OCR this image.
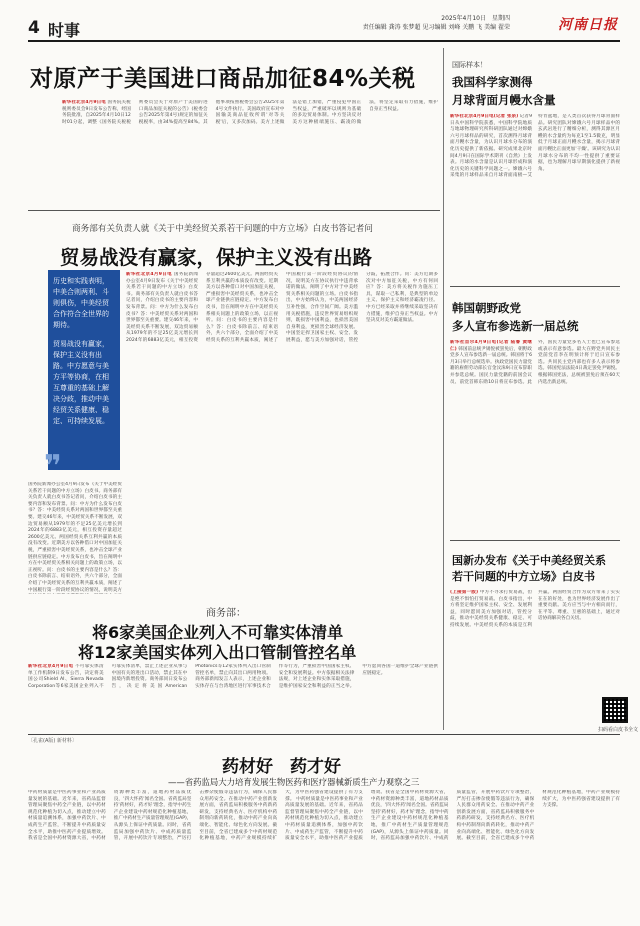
4 时事
2025年4月10日　星期四
责任编辑 龚涛 张梦超 见习编辑 刘峰 关鹏 飞 美编 翟荣	河南日报
对原产于美国进口商品加征84%关税
新华社北京4月9日电 国务院关税税则委员会9日发布公告称，经国务院批准，自2025年4月10日12时01分起，调整《国务院关税税则委员会关于对原产于美国的进口商品加征关税的公告》(税委会公告2025年第4号)规定的加征关税税率，由34%提高至84%。其他事项按照税委会公告2025年第4号文件执行。美国政府宣布对中国输美商品征收所谓'对等关税'后，又多次加码。美方上述做法是错上加错，严重侵犯中国正当权益，严重破坏以规则为基础的多边贸易体制。中方坚决反对美方这种极端施压、霸凌的做法，将坚定采取有力措施，维护自身正当权益。
商务部有关负责人就《关于中美经贸关系若干问题的中方立场》白皮书答记者问
贸易战没有赢家，保护主义没有出路

历史和实践表明，中美合则两利、斗则俱伤，中美经贸合作符合全世界的期待。

贸易战没有赢家，保护主义没有出路。中方愿意与美方平等协商，在相互尊重的基础上解决分歧，推动中美经贸关系健康、稳定、可持续发展。

❞
新华社北京4月9日电 国务院新闻办公室4月9日发布《关于中美经贸关系若干问题的中方立场》白皮书。商务部有关负责人就白皮书答记者问，介绍白皮书的主要内容和发布背景。问：中方为什么发布白皮书？答：中美经贸关系对两国和世界都至关重要。建交46年来，中美经贸关系不断发展，双边贸易额从1979年的不足25亿美元增长到2024年的6883亿美元，相互投资存量超过2600亿美元。两国经贸关系互利共赢的本质没有改变。近期美方以各种借口对中国加征关税，严重损害中美经贸关系，也冲击全球产业链供应链稳定。中方发布白皮书，旨在阐明中方在中美经贸关系相关问题上的政策立场，以正视听。问：白皮书的主要内容是什么？答：白皮书除前言、结束语外，共六个部分，全面介绍了中美经贸关系的互利共赢本质，阐述了中国履行第一阶段经贸协议的情况，说明美方在协议执行中违背承诺的做法，阐明了中方对于中美经贸关系相关问题的立场。白皮书指出，中方始终认为，中美两国经济互补性强，合作空间广阔。美方滥用关税措施，违反世界贸易组织规则，既损害中国利益，也损害美国自身利益，更损害全球经济发展。中国坚定捍卫国家主权、安全、发展利益，愿与美方加强对话，管控分歧，拓展合作。问：美方近期多次对中方加征关税，中方有何回应？答：美方将关税作为施压工具，谋取一己私利，是典型的单边主义、保护主义和经济霸凌行径。中方已经采取并将继续采取坚决有力措施，维护自身正当权益。中方坚决反对美方霸道做法。
国务院新闻办公室4月9日发布《关于中美经贸关系若干问题的中方立场》白皮书。商务部有关负责人就白皮书答记者问，介绍白皮书的主要内容和发布背景。问：中方为什么发布白皮书？答：中美经贸关系对两国和世界都至关重要。建交46年来，中美经贸关系不断发展，双边贸易额从1979年的不足25亿美元增长到2024年的6883亿美元，相互投资存量超过2600亿美元。两国经贸关系互利共赢的本质没有改变。近期美方以各种借口对中国加征关税，严重损害中美经贸关系，也冲击全球产业链供应链稳定。中方发布白皮书，旨在阐明中方在中美经贸关系相关问题上的政策立场，以正视听。问：白皮书的主要内容是什么？答：白皮书除前言、结束语外，共六个部分，全面介绍了中美经贸关系的互利共赢本质，阐述了中国履行第一阶段经贸协议的情况，说明美方
商务部：
将6家美国企业列入不可靠实体清单
将12家美国实体列入出口管制管控名单
新华社北京4月9日电 不可靠实体清单工作机制9日发布公告，决定将美国公司Shield AI、Sierra Nevada Corporation等6家美国企业列入不可靠实体清单，禁止上述企业从事与中国有关的进出口活动，禁止其在中国境内新增投资。商务部同日发布公告，决定将美国American Photonics等12家实体列入出口管制管控名单，禁止向其出口两用物项。商务部新闻发言人表示，上述企业和实体存在与台湾地区进行军事技术合作等行为，严重损害中国国家主权、安全和发展利益。中方依据相关法律法规，对上述企业和实体采取措施，是维护国家安全和利益的正当之举。中方愿同各国一道维护全球产业链供应链稳定。
国际样本！
我国科学家测得
月球背面月幔水含量
新华社北京4月9日电(记者 张泉) 记者9日从中国科学院获悉，中国科学院地质与地球物理研究所科研团队通过对嫦娥六号月球样品的研究，首次测得月球背面月幔水含量，为认识月球水分布的演化历史提供了新依据。研究成果北京时间4月9日在国际学术期刊《自然》上发表。月球的水含量是认识月球形成和演化历史的关键科学问题之一。嫦娥六号采集的月球样品来自月球背面南极—艾特肯盆地，是人类首次获得月球背面样品。研究团队对嫦娥六号月球样品中的玄武岩进行了精细分析，测得其源区月幔的水含量约为每克1至1.5微克，明显低于月球正面月幔水含量，揭示月球背面月幔比正面更加'干燥'。该研究为认识月球水分布的不均一性提供了重要证据，也为理解月球早期演化提供了新视角。
韩国朝野政党
多人宣布参选新一届总统
新华社首尔4月9日电(记者 陆睿 黄继仁) 韩国前总统尹锡悦被罢免后，朝野政党多人宣布参选新一届总统。韩国将于6月3日举行总统选举。执政党国民力量党籍的雇佣劳动部长官金汶洙9日宣布辞职并参选总统。国民力量党籍的前国会议员、前党首韩东勋10日将宣布参选。此外，国民力量党多名人士也已宣布参选或表示有意参选。最大在野党共同民主党前党首李在明预计将于近日宣布参选。共同民主党内部也有多人表示将参选。韩国宪法法院4日裁定罢免尹锡悦。根据韩国宪法，总统被罢免后须在60天内选出新总统。
国新办发布《关于中美经贸关系
若干问题的中方立场》白皮书
(上接第一版) 中方不寻求打贸易战，但是绝不惧怕打贸易战。白皮书指出，中方将坚定维护国家主权、安全、发展利益，同时愿同美方加强对话，管控分歧，推动中美经贸关系健康、稳定、可持续发展。中美经贸关系的本质是互利共赢。两国经贸合作为双方带来了实实在在的好处，也为世界经济发展作出了重要贡献。美方应当与中方相向而行，在平等、尊重、互惠的基础上，通过对话协商解决各自关切。
扫码看白皮书全文
〔孔雀(A版) 新材料〕
药材好　药才好
——省药监局大力培育发展生物医药和医疗器械新质生产力观察之三
中药材质量是中医药事业和产业高质量发展的基础。近年来，省药品监督管理局聚焦中药全产业链，以中药材规范化种植为切入点，推动建立中药材质量追溯体系，加强中药饮片、中成药生产监管，不断提升中药质量安全水平，助推中医药产业提质增效。我省是全国中药材资源大省，中药材资源种类丰富，道地药材品质优良，'四大怀药'闻名全国。省药监局坚持'药材好，药才好'理念，指导中药生产企业建设中药材规范化种植基地，推广中药材生产质量管理规范(GAP)，从源头上保证中药质量。同时，省药监局加强中药饮片、中成药质量监管，开展中药饮片专项整治，严厉打击掺杂使假等违法行为，确保人民群众用药安全。在推动中药产业创新发展方面，省药监局积极服务中药新药研发，支持经典名方、医疗机构中药制剂向新药转化，推动中药产业向高端化、智能化、绿色化方向发展。截至目前，全省已建成多个中药材规范化种植基地，中药产业规模持续扩大，为中医药强省建设提供了有力支撑。 中药材质量是中医药事业和产业高质量发展的基础。近年来，省药品监督管理局聚焦中药全产业链，以中药材规范化种植为切入点，推动建立中药材质量追溯体系，加强中药饮片、中成药生产监管，不断提升中药质量安全水平，助推中医药产业提质增效。我省是全国中药材资源大省，中药材资源种类丰富，道地药材品质优良，'四大怀药'闻名全国。省药监局坚持'药材好，药才好'理念，指导中药生产企业建设中药材规范化种植基地，推广中药材生产质量管理规范(GAP)，从源头上保证中药质量。同时，省药监局加强中药饮片、中成药质量监管，开展中药饮片专项整治，严厉打击掺杂使假等违法行为，确保人民群众用药安全。在推动中药产业创新发展方面，省药监局积极服务中药新药研发，支持经典名方、医疗机构中药制剂向新药转化，推动中药产业向高端化、智能化、绿色化方向发展。截至目前，全省已建成多个中药材规范化种植基地，中药产业规模持续扩大，为中医药强省建设提供了有力支撑。
